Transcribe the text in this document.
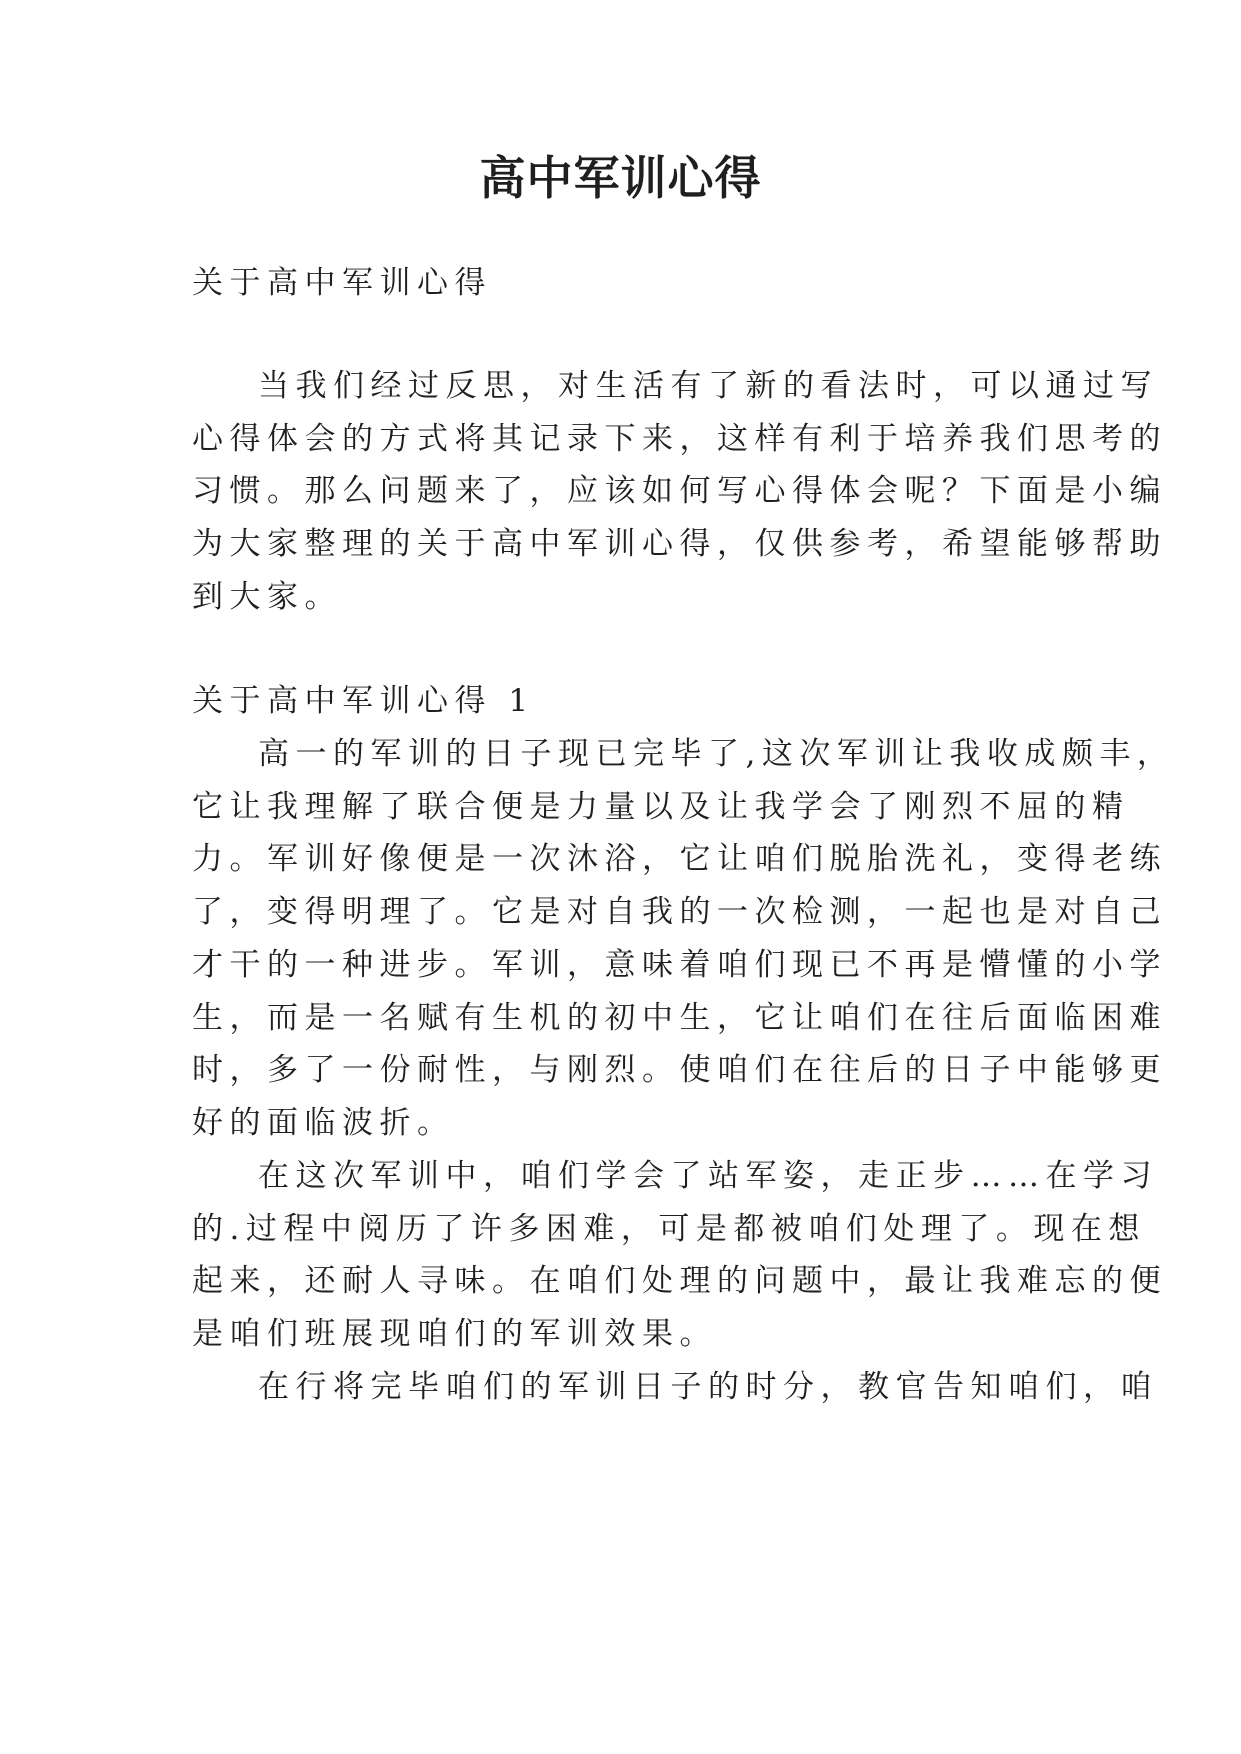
高中军训心得

关于高中军训心得

当我们经过反思，对生活有了新的看法时，可以通过写

心得体会的方式将其记录下来，这样有利于培养我们思考的

习惯。那么问题来了，应该如何写心得体会呢？下面是小编

为大家整理的关于高中军训心得，仅供参考，希望能够帮助

到大家。

关于高中军训心得 1

高一的军训的日子现已完毕了,这次军训让我收成颇丰，

它让我理解了联合便是力量以及让我学会了刚烈不屈的精

力。军训好像便是一次沐浴，它让咱们脱胎洗礼，变得老练

了，变得明理了。它是对自我的一次检测，一起也是对自己

才干的一种进步。军训，意味着咱们现已不再是懵懂的小学

生，而是一名赋有生机的初中生，它让咱们在往后面临困难

时，多了一份耐性，与刚烈。使咱们在往后的日子中能够更

好的面临波折。

在这次军训中，咱们学会了站军姿，走正步……在学习

的.过程中阅历了许多困难，可是都被咱们处理了。现在想

起来，还耐人寻味。在咱们处理的问题中，最让我难忘的便

是咱们班展现咱们的军训效果。

在行将完毕咱们的军训日子的时分，教官告知咱们，咱
